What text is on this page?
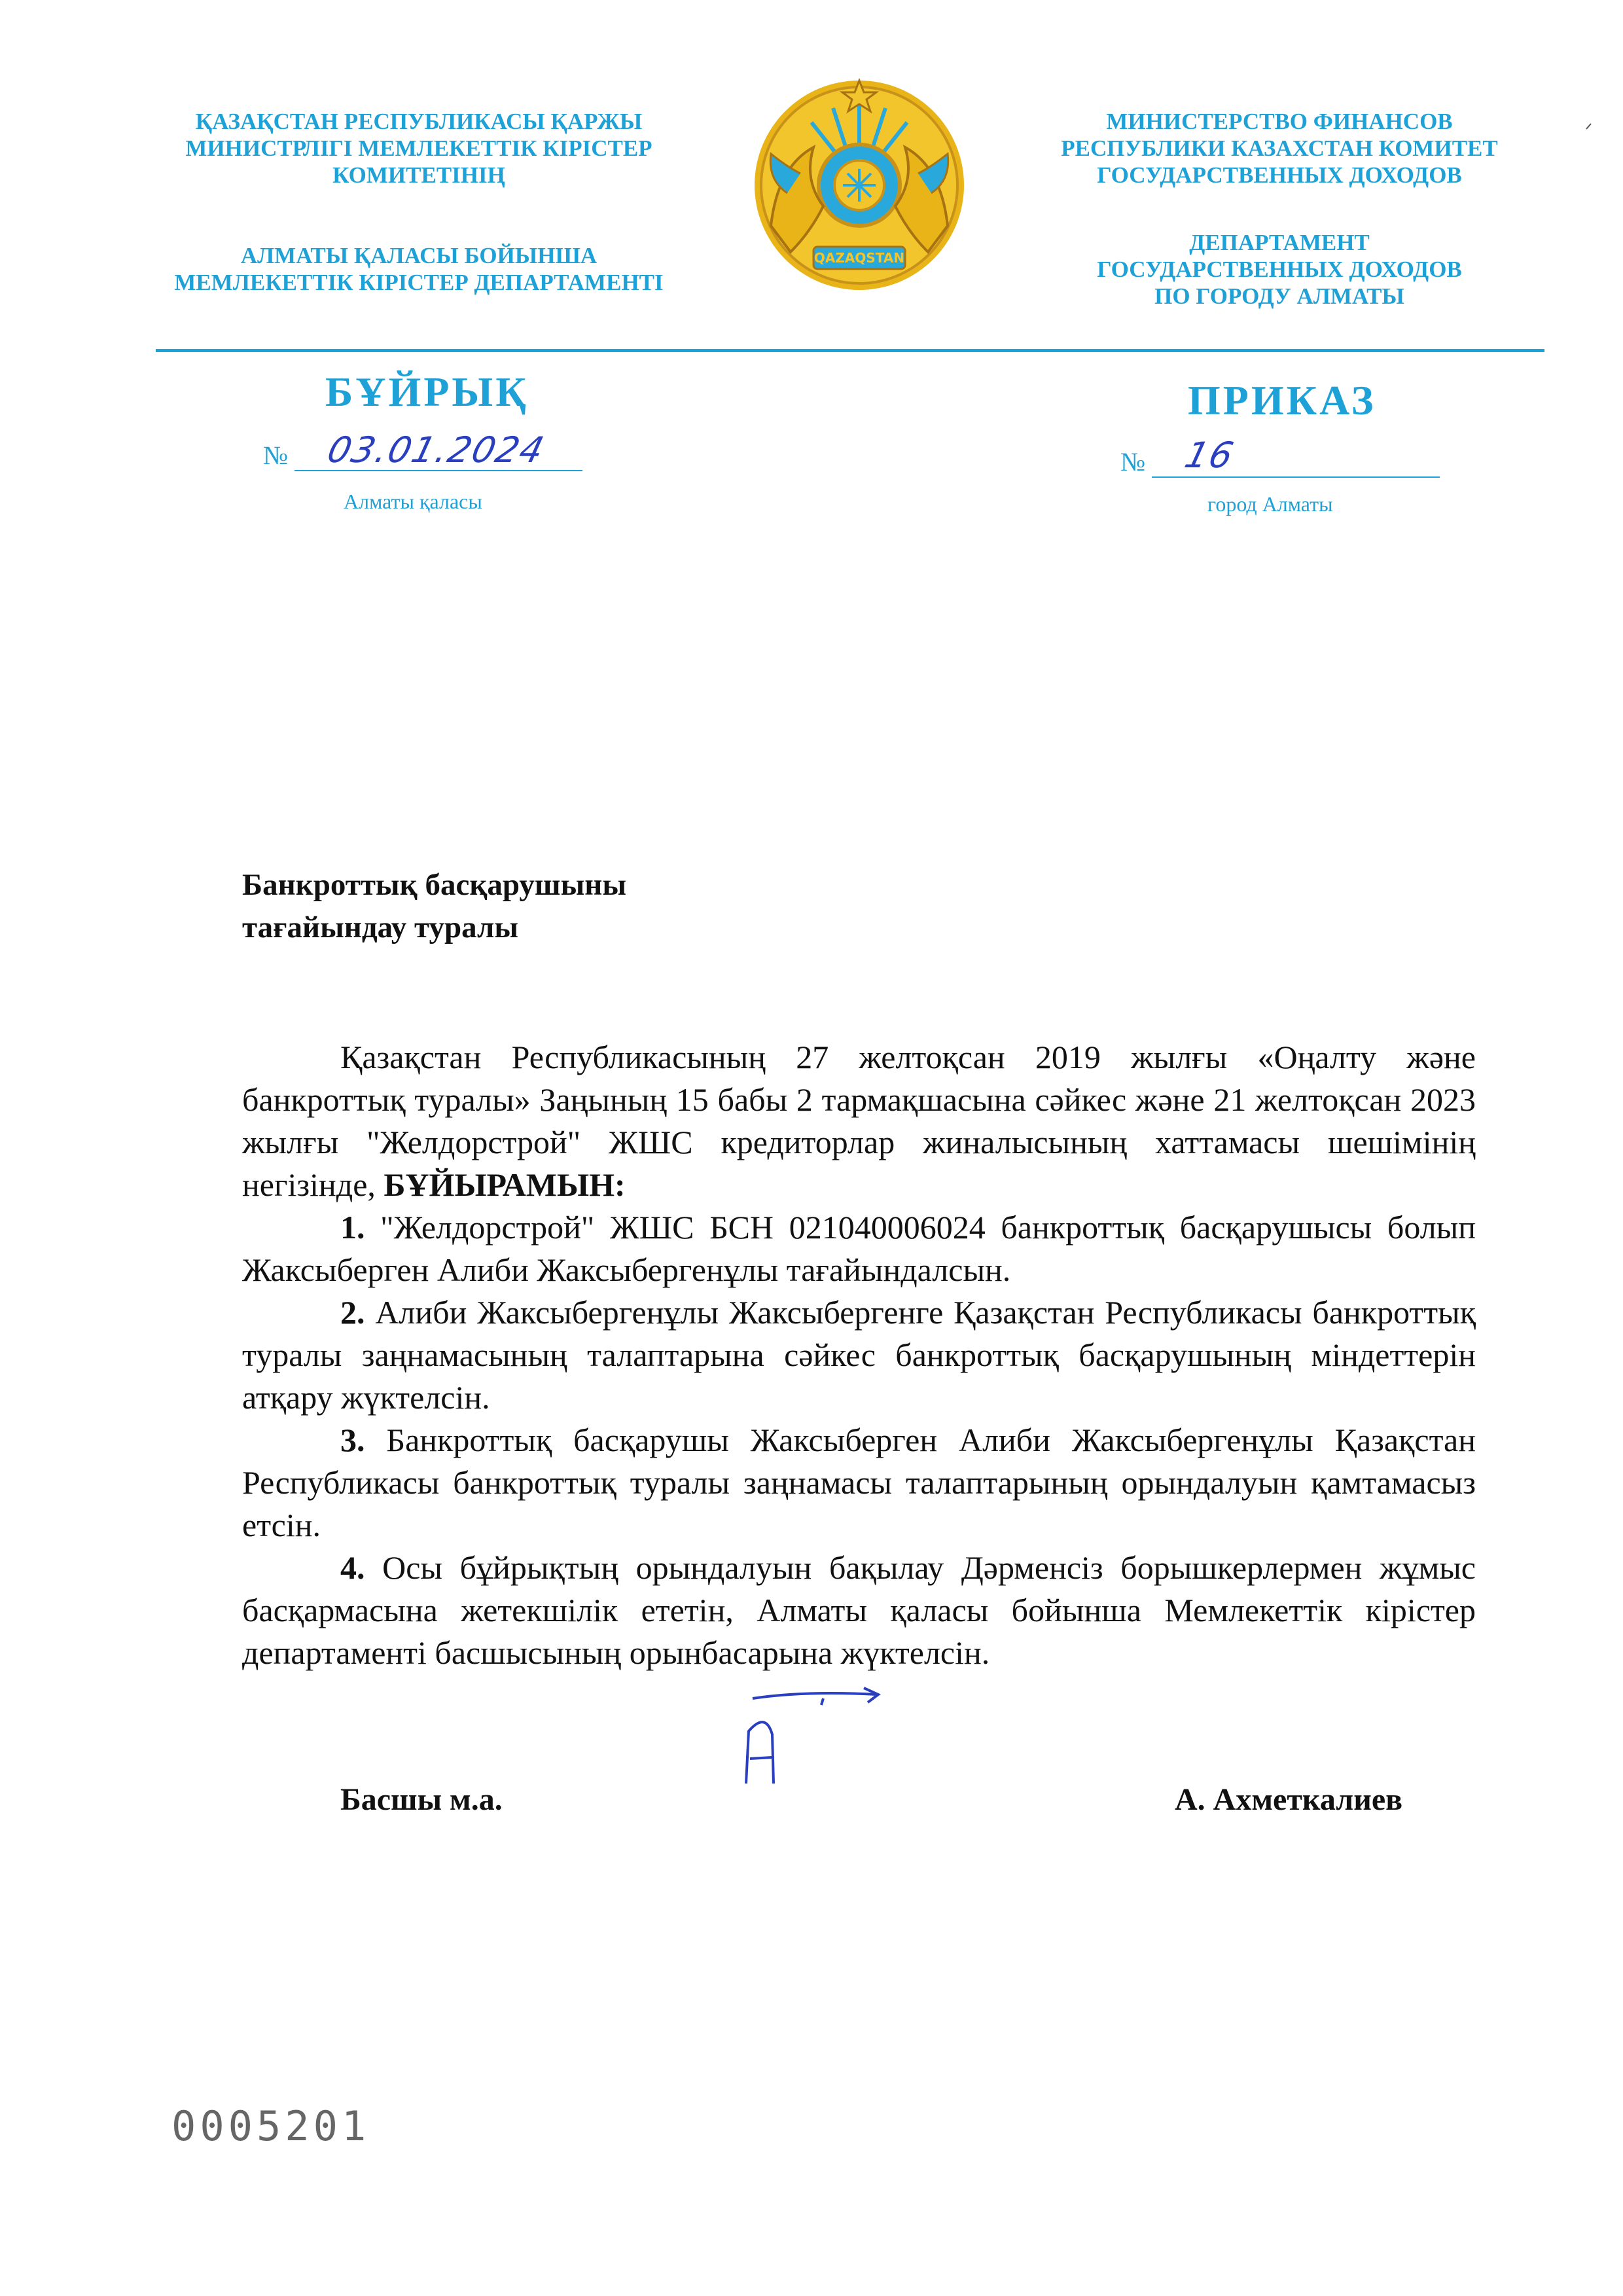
ҚАЗАҚСТАН РЕСПУБЛИКАСЫ ҚАРЖЫ
МИНИСТРЛІГІ МЕМЛЕКЕТТІК КІРІСТЕР
КОМИТЕТІНІҢ
АЛМАТЫ ҚАЛАСЫ БОЙЫНША
МЕМЛЕКЕТТІК КІРІСТЕР ДЕПАРТАМЕНТІ
QAZAQSTAN
МИНИСТЕРСТВО ФИНАНСОВ
РЕСПУБЛИКИ КАЗАХСТАН КОМИТЕТ
ГОСУДАРСТВЕННЫХ ДОХОДОВ
ДЕПАРТАМЕНТ
ГОСУДАРСТВЕННЫХ ДОХОДОВ
ПО ГОРОДУ АЛМАТЫ
БҰЙРЫҚ	ПРИКАЗ
№ 03.01.2024	№ 16
Алматы қаласы	город Алматы
Банкроттық басқарушыны
тағайындау туралы

Қазақстан Республикасының 27 желтоқсан 2019 жылғы «Оңалту және банкроттық туралы» Заңының 15 бабы 2 тармақшасына сәйкес және 21 желтоқсан 2023 жылғы "Желдорстрой" ЖШС кредиторлар жиналысының хаттамасы шешімінің негізінде, БҰЙЫРАМЫН:

1. "Желдорстрой" ЖШС БСН 021040006024 банкроттық басқарушысы болып Жаксыберген Алиби Жаксыбергенұлы тағайындалсын.

2. Алиби Жаксыбергенұлы Жаксыбергенге Қазақстан Республикасы банкроттық туралы заңнамасының талаптарына сәйкес банкроттық басқарушының міндеттерін атқару жүктелсін.

3. Банкроттық басқарушы Жаксыберген Алиби Жаксыбергенұлы Қазақстан Республикасы банкроттық туралы заңнамасы талаптарының орындалуын қамтамасыз етсін.

4. Осы бұйрықтың орындалуын бақылау Дәрменсіз борышкерлермен жұмыс басқармасына жетекшілік ететін, Алматы қаласы бойынша Мемлекеттік кірістер департаменті басшысының орынбасарына жүктелсін.

Басшы м.а.	А. Ахметкалиев
0005201
